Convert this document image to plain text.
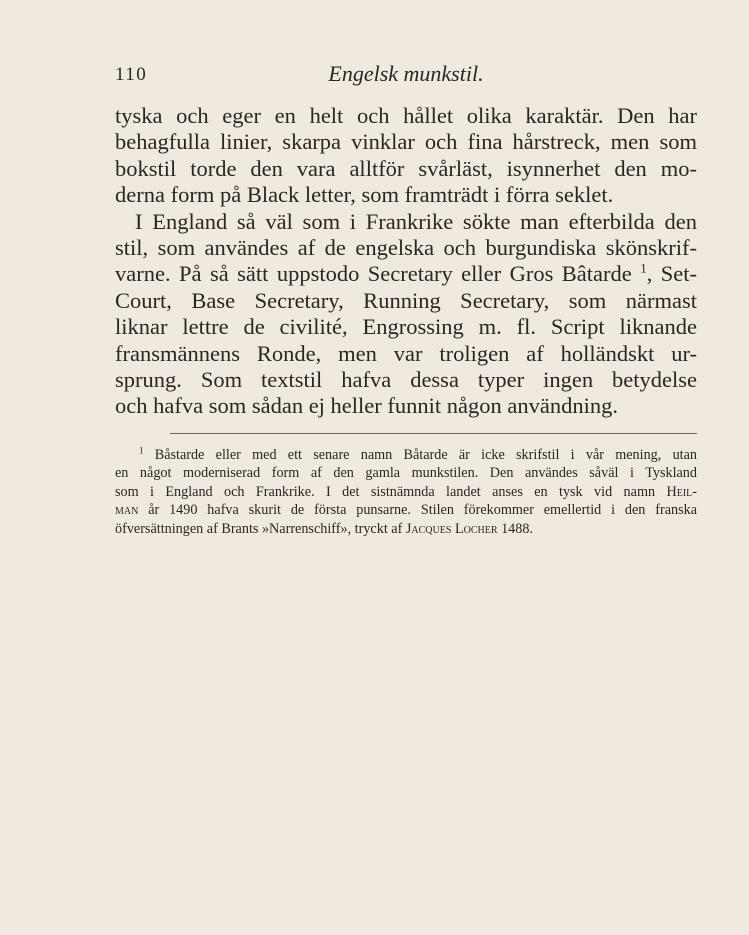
110	Engelsk munkstil.
tyska och eger en helt och hållet olika karaktär. Den har
behagfulla linier, skarpa vinklar och fina hårstreck, men som
bokstil torde den vara alltför svårläst, isynnerhet den mo-
derna form på Black letter, som framträdt i förra seklet.
I England så väl som i Frankrike sökte man efterbilda den
stil, som användes af de engelska och burgundiska skönskrif-
varne. På så sätt uppstodo Secretary eller Gros Bâtarde $^1$, Set-
Court, Base Secretary, Running Secretary, som närmast
liknar lettre de civilité, Engrossing m. fl. Script liknande
fransmännens Ronde, men var troligen af holländskt ur-
sprung. Som textstil hafva dessa typer ingen betydelse
och hafva som sådan ej heller funnit någon användning.
$^1$ Båstarde eller med ett senare namn Båtarde är icke skrifstil i vår mening, utan
en något moderniserad form af den gamla munkstilen. Den användes såväl i Tyskland
som i England och Frankrike. I det sistnämnda landet anses en tysk vid namn Heil-
man år 1490 hafva skurit de första punsarne. Stilen förekommer emellertid i den franska
öfversättningen af Brants »Narrenschiff», tryckt af Jacques Locher 1488.
